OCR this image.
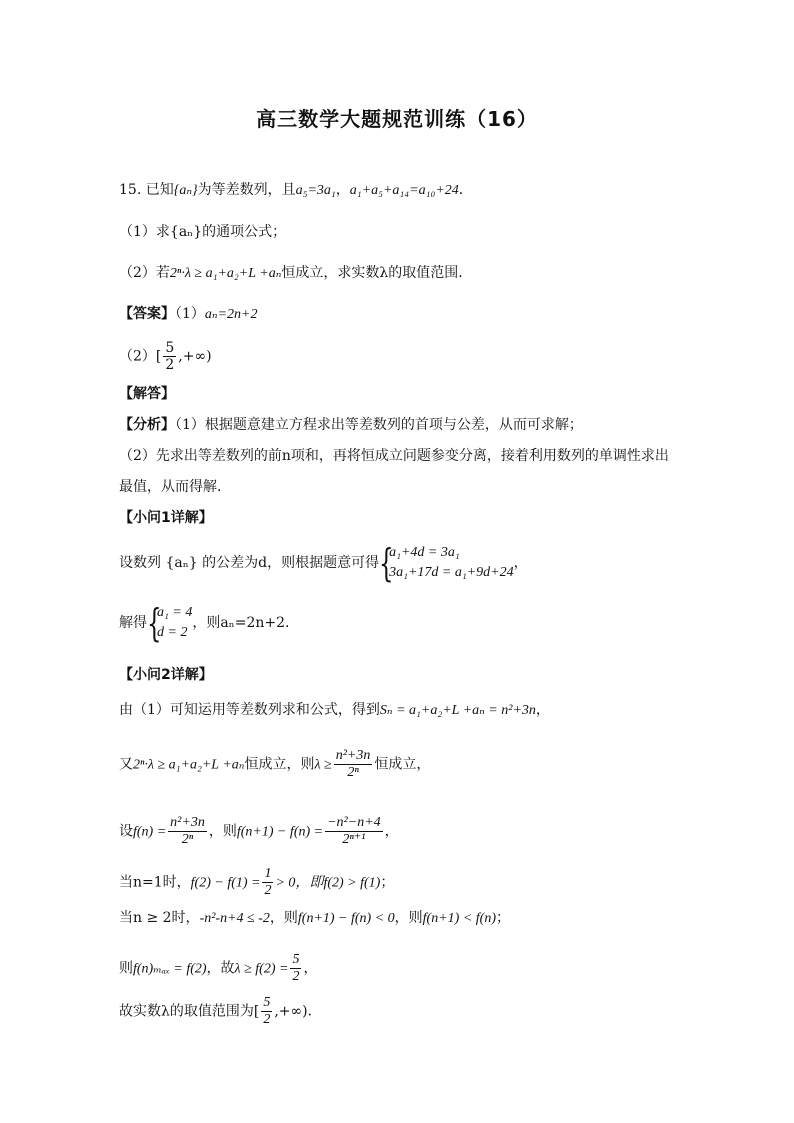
高三数学大题规范训练（16）
15. 已知{aₙ}为等差数列，且a₅=3a₁，a₁+a₅+a₁₄=a₁₀+24．
（1）求{aₙ}的通项公式；
（2）若2ⁿ·λ ≥ a₁+a₂+L +aₙ恒成立，求实数λ的取值范围．
【答案】（1）aₙ=2n+2
$(2)[ \frac{5}{2}$ ,+∞)
【解答】
【分析】（1）根据题意建立方程求出等差数列的首项与公差，从而可求解；
（2）先求出等差数列的前n项和，再将恒成立问题参变分离，接着利用数列的单调性求出
最值，从而得解．
【小问1详解】
设数列 {aₙ} 的公差为d，则根据题意可得 {
a₁+4d = 3a₁
3a₁+17d = a₁+9d+24
，
解得 {
a₁ = 4
d = 2
，则aₙ=2n+2．
【小问2详解】
由（1）可知运用等差数列求和公式，得到Sₙ = a₁+a₂+L +aₙ = n²+3n，
又2ⁿ·λ ≥ a₁+a₂+L +aₙ恒成立，则$\lambda \ge \frac{\text{n²+3n}}{\text{2ⁿ}}$ 恒成立，
设$f(n) = \frac{\text{n²+3n}}{\text{2ⁿ}}$ ，则$f(n+1) - f(n) = \frac{\text{−n²−n+4}}{\text{2ⁿ⁺¹}}$ ，
当n=1时，$f(2) - f(1) = \frac{1}{2} > 0$，即f(2) > f(1)；
当n ≥ 2时，-n²-n+4 ≤ -2，则f(n+1) − f(n) < 0，则f(n+1) < f(n)；
则f(n)ₘₐₓ = f(2)，故$\lambda \ge f(2) = \frac{5}{2}$ ，
故实数λ的取值范围为[ $\frac{5}{2}$ ,+∞)．
